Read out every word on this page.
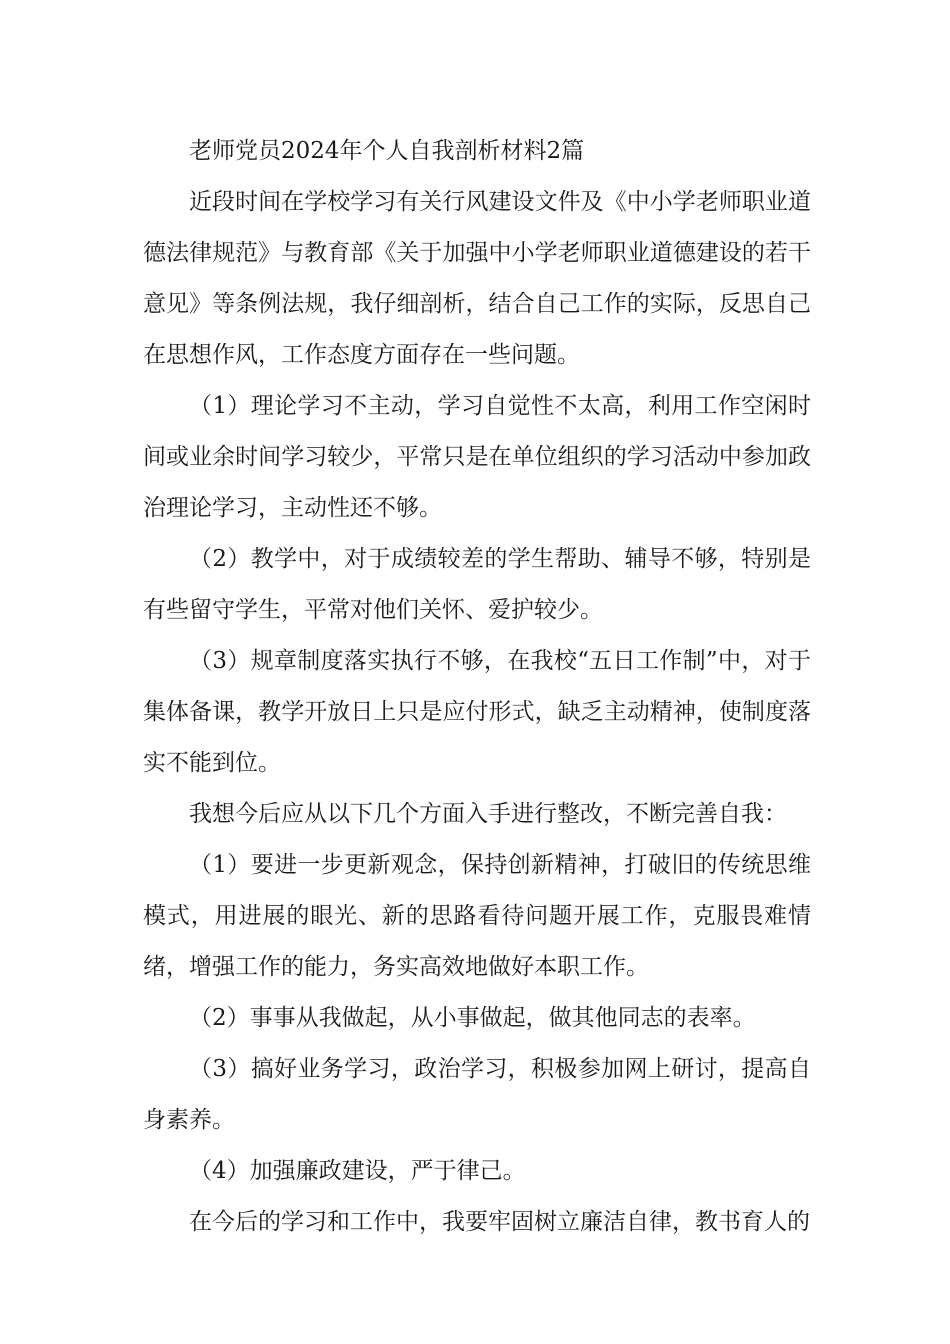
老师党员2024年个人自我剖析材料2篇

近段时间在学校学习有关行风建设文件及《中小学老师职业道德法律规范》与教育部《关于加强中小学老师职业道德建设的若干意见》等条例法规，我仔细剖析，结合自己工作的实际，反思自己在思想作风，工作态度方面存在一些问题。

（1）理论学习不主动，学习自觉性不太高，利用工作空闲时间或业余时间学习较少，平常只是在单位组织的学习活动中参加政治理论学习，主动性还不够。

（2）教学中，对于成绩较差的学生帮助、辅导不够，特别是有些留守学生，平常对他们关怀、爱护较少。

（3）规章制度落实执行不够，在我校“五日工作制”中，对于集体备课，教学开放日上只是应付形式，缺乏主动精神，使制度落实不能到位。

我想今后应从以下几个方面入手进行整改，不断完善自我：

（1）要进一步更新观念，保持创新精神，打破旧的传统思维模式，用进展的眼光、新的思路看待问题开展工作，克服畏难情绪，增强工作的能力，务实高效地做好本职工作。

（2）事事从我做起，从小事做起，做其他同志的表率。

（3）搞好业务学习，政治学习，积极参加网上研讨，提高自身素养。

（4）加强廉政建设，严于律己。

在今后的学习和工作中，我要牢固树立廉洁自律，教书育人的
